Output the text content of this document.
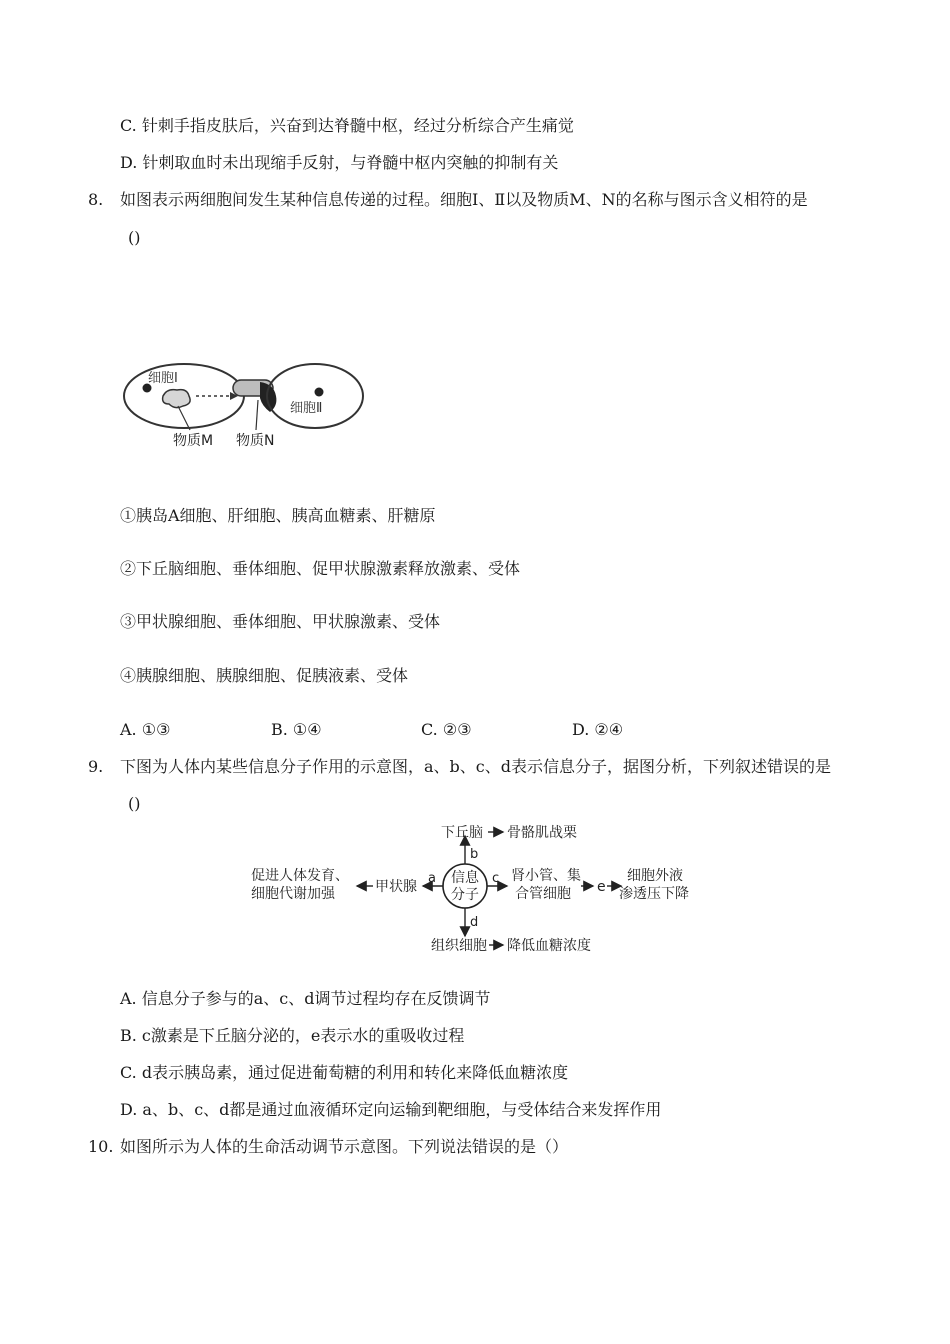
C. 针刺手指皮肤后，兴奋到达脊髓中枢，经过分析综合产生痛觉
D. 针刺取血时未出现缩手反射，与脊髓中枢内突触的抑制有关
8. 如图表示两细胞间发生某种信息传递的过程。细胞Ⅰ、Ⅱ以及物质M、N的名称与图示含义相符的是
()
细胞Ⅰ
细胞Ⅱ
物质M 物质N
①胰岛A细胞、肝细胞、胰高血糖素、肝糖原
②下丘脑细胞、垂体细胞、促甲状腺激素释放激素、受体
③甲状腺细胞、垂体细胞、甲状腺激素、受体
④胰腺细胞、胰腺细胞、促胰液素、受体
A. ①③	B. ①④	C. ②③	D. ②④
9. 下图为人体内某些信息分子作用的示意图，a、b、c、d表示信息分子，据图分析，下列叙述错误的是
()
信息
分子
b
下丘脑 骨骼肌战栗
a
甲状腺
促进人体发育、
细胞代谢加强
c 肾小管、集
合管细胞 e
细胞外液
渗透压下降
d
组织细胞 降低血糖浓度
A. 信息分子参与的a、c、d调节过程均存在反馈调节
B. c激素是下丘脑分泌的，e表示水的重吸收过程
C. d表示胰岛素，通过促进葡萄糖的利用和转化来降低血糖浓度
D. a、b、c、d都是通过血液循环定向运输到靶细胞，与受体结合来发挥作用
10. 如图所示为人体的生命活动调节示意图。下列说法错误的是（）
